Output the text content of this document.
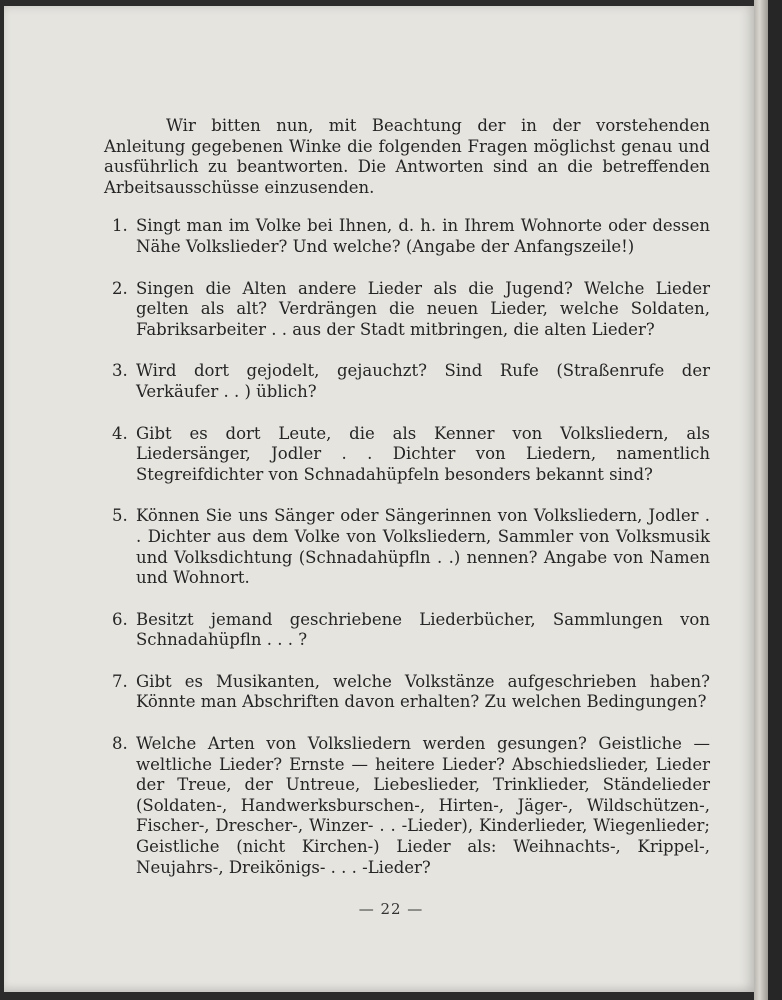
Wir bitten nun, mit Beachtung der in der vorstehenden Anleitung gegebenen Winke die folgenden Fragen möglichst genau und ausführlich zu beantworten. Die Antworten sind an die betreffenden Arbeitsausschüsse einzusenden.

1. Singt man im Volke bei Ihnen, d. h. in Ihrem Wohnorte oder dessen Nähe Volkslieder? Und welche? (Angabe der Anfangszeile!)
2. Singen die Alten andere Lieder als die Jugend? Welche Lieder gelten als alt? Verdrängen die neuen Lieder, welche Soldaten, Fabriksarbeiter . . aus der Stadt mitbringen, die alten Lieder?
3. Wird dort gejodelt, gejauchzt? Sind Rufe (Straßenrufe der Verkäufer . . ) üblich?
4. Gibt es dort Leute, die als Kenner von Volksliedern, als Liedersänger, Jodler . . Dichter von Liedern, namentlich Stegreifdichter von Schnadahüpfeln besonders bekannt sind?
5. Können Sie uns Sänger oder Sängerinnen von Volksliedern, Jodler . . Dichter aus dem Volke von Volksliedern, Sammler von Volksmusik und Volksdichtung (Schnadahüpfln . .) nennen? Angabe von Namen und Wohnort.
6. Besitzt jemand geschriebene Liederbücher, Sammlungen von Schnadahüpfln . . . ?
7. Gibt es Musikanten, welche Volkstänze aufgeschrieben haben? Könnte man Abschriften davon erhalten? Zu welchen Bedingungen?
8. Welche Arten von Volksliedern werden gesungen? Geistliche — weltliche Lieder? Ernste — heitere Lieder? Abschiedslieder, Lieder der Treue, der Untreue, Liebeslieder, Trinklieder, Ständelieder (Soldaten-, Handwerksburschen-, Hirten-, Jäger-, Wildschützen-, Fischer-, Drescher-, Winzer- . . -Lieder), Kinderlieder, Wiegenlieder; Geistliche (nicht Kirchen-) Lieder als: Weihnachts-, Krippel-, Neujahrs-, Dreikönigs- . . . -Lieder?
— 22 —
